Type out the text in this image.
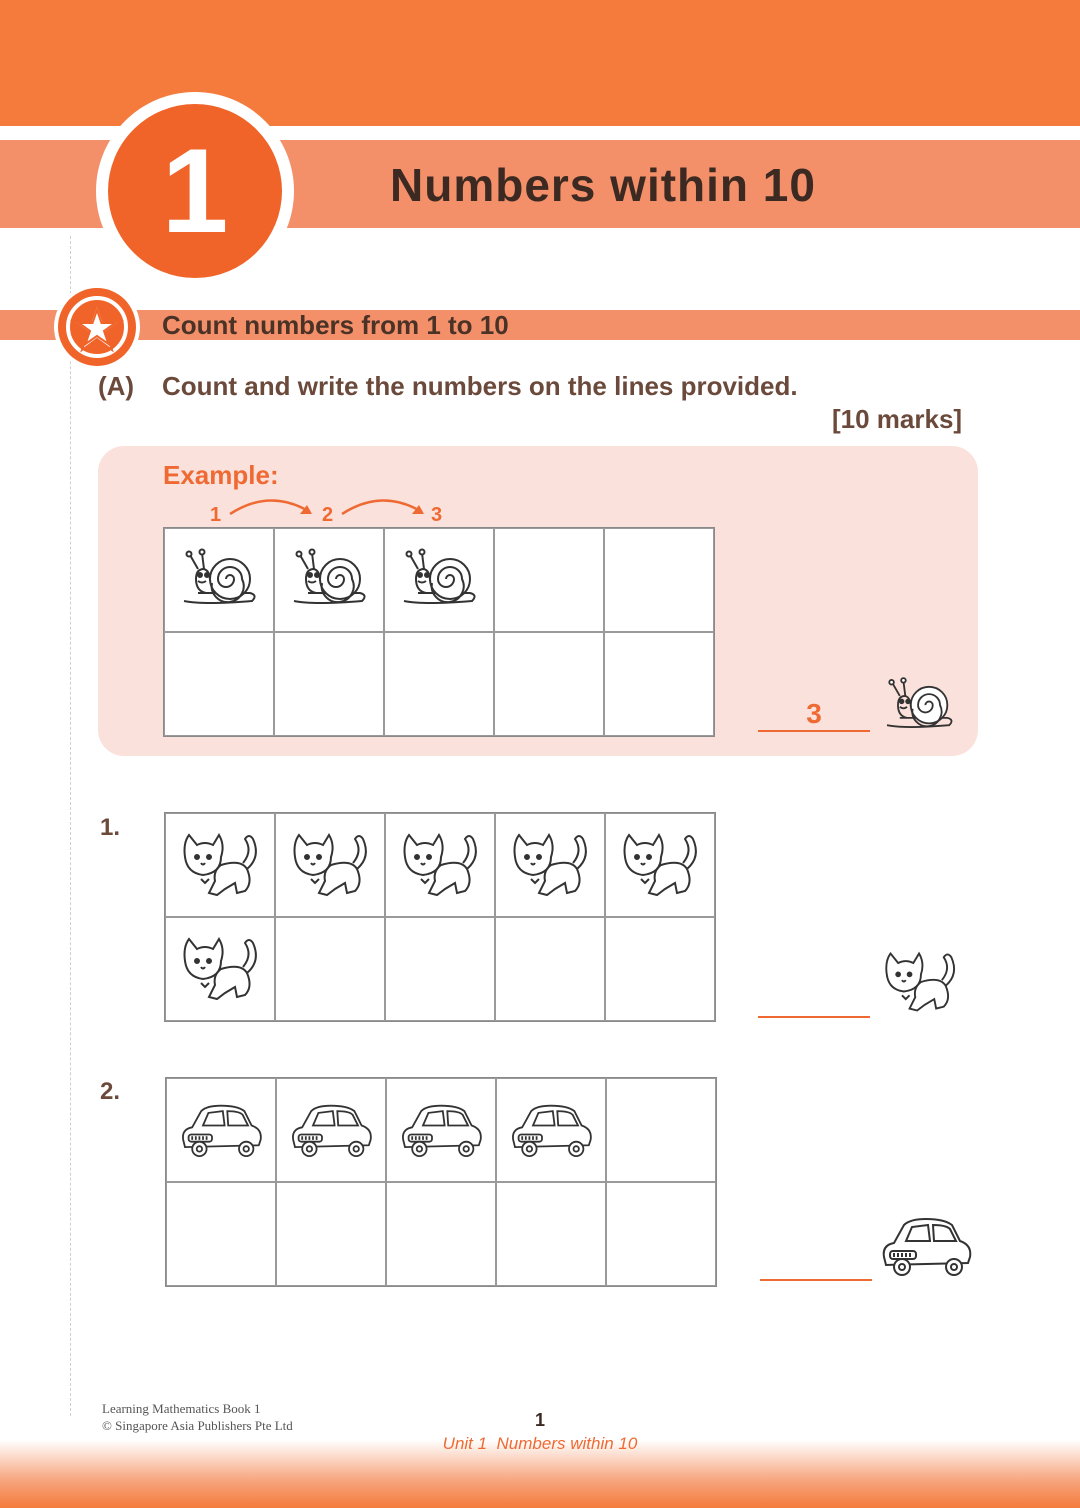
1	Numbers within 10
Count numbers from 1 to 10
(A) Count and write the numbers on the lines provided.
[10 marks]
Example:
1	2	3
3
1.
2.
Learning Mathematics Book 1
© Singapore Asia Publishers Pte Ltd	1
Unit 1  Numbers within 10
